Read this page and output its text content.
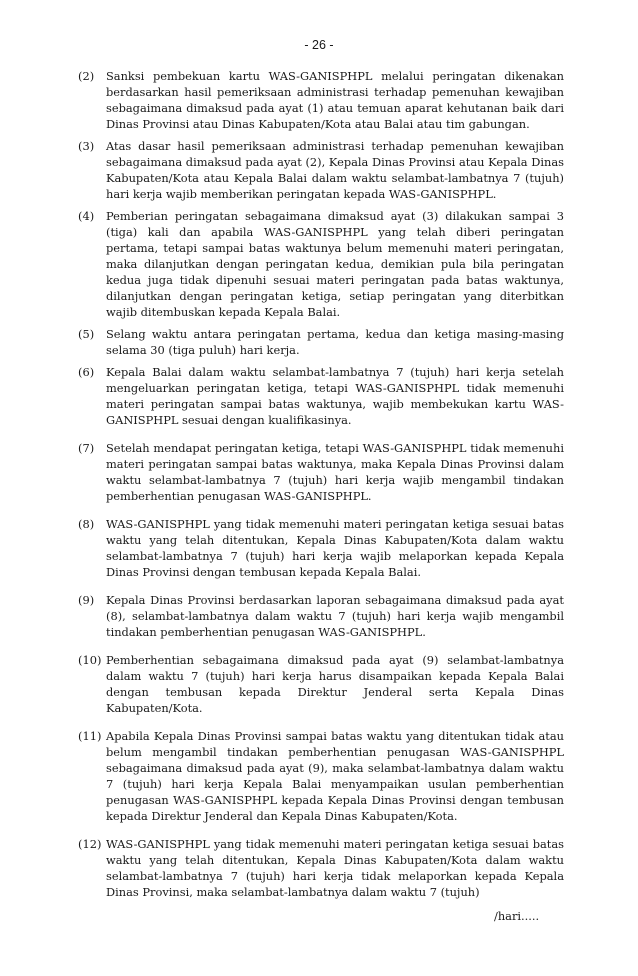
- 26 -
(2)	Sanksi pembekuan kartu WAS-GANISPHPL melalui peringatan dikenakan berdasarkan hasil pemeriksaan administrasi terhadap pemenuhan kewajiban sebagaimana dimaksud pada ayat (1) atau temuan aparat kehutanan baik dari Dinas Provinsi atau Dinas Kabupaten/Kota atau Balai atau tim gabungan.

(3)	Atas dasar hasil pemeriksaan administrasi terhadap pemenuhan kewajiban sebagaimana dimaksud pada ayat (2), Kepala Dinas Provinsi atau Kepala Dinas Kabupaten/Kota atau Kepala Balai dalam waktu selambat-lambatnya 7 (tujuh) hari kerja wajib memberikan peringatan kepada WAS-GANISPHPL.

(4)	Pemberian peringatan sebagaimana dimaksud ayat (3) dilakukan sampai 3 (tiga) kali dan apabila WAS-GANISPHPL yang telah diberi peringatan pertama, tetapi sampai batas waktunya belum memenuhi materi peringatan, maka dilanjutkan dengan peringatan kedua, demikian pula bila peringatan kedua juga tidak dipenuhi sesuai materi peringatan pada batas waktunya, dilanjutkan dengan peringatan ketiga, setiap peringatan yang diterbitkan wajib ditembuskan kepada Kepala Balai.

(5)	Selang waktu antara peringatan pertama, kedua dan ketiga masing-masing selama 30 (tiga puluh) hari kerja.

(6)	Kepala Balai dalam waktu selambat-lambatnya 7 (tujuh) hari kerja setelah mengeluarkan peringatan ketiga, tetapi WAS-GANISPHPL tidak memenuhi materi peringatan sampai batas waktunya, wajib membekukan kartu WAS-GANISPHPL sesuai dengan kualifikasinya.

(7)	Setelah mendapat peringatan ketiga, tetapi WAS-GANISPHPL tidak memenuhi materi peringatan sampai batas waktunya, maka Kepala Dinas Provinsi dalam waktu selambat-lambatnya 7 (tujuh) hari kerja wajib mengambil tindakan pemberhentian penugasan WAS-GANISPHPL.

(8)	WAS-GANISPHPL yang tidak memenuhi materi peringatan ketiga sesuai batas waktu yang telah ditentukan, Kepala Dinas Kabupaten/Kota dalam waktu selambat-lambatnya 7 (tujuh) hari kerja wajib melaporkan kepada Kepala Dinas Provinsi dengan tembusan kepada Kepala Balai.

(9)	Kepala Dinas Provinsi berdasarkan laporan sebagaimana dimaksud pada ayat (8), selambat-lambatnya dalam waktu 7 (tujuh) hari kerja wajib mengambil tindakan pemberhentian penugasan WAS-GANISPHPL.

(10) Pemberhentian sebagaimana dimaksud pada ayat (9) selambat-lambatnya dalam waktu 7 (tujuh) hari kerja harus disampaikan kepada Kepala Balai dengan tembusan kepada Direktur Jenderal serta Kepala Dinas Kabupaten/Kota.

(11) Apabila Kepala Dinas Provinsi sampai batas waktu yang ditentukan tidak atau belum mengambil tindakan pemberhentian penugasan WAS-GANISPHPL sebagaimana dimaksud pada ayat (9), maka selambat-lambatnya dalam waktu 7 (tujuh) hari kerja Kepala Balai menyampaikan usulan pemberhentian penugasan WAS-GANISPHPL kepada Kepala Dinas Provinsi dengan tembusan kepada Direktur Jenderal dan Kepala Dinas Kabupaten/Kota.

(12) WAS-GANISPHPL yang tidak memenuhi materi peringatan ketiga sesuai batas waktu yang telah ditentukan, Kepala Dinas Kabupaten/Kota dalam waktu selambat-lambatnya 7 (tujuh) hari kerja tidak melaporkan kepada Kepala Dinas Provinsi, maka selambat-lambatnya dalam waktu 7 (tujuh)

/hari.....
